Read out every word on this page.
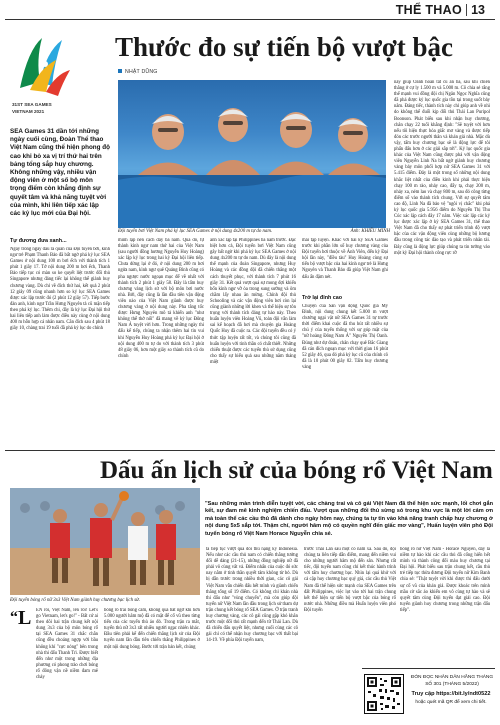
THỂ THAO 13
31ST SEA GAMES
VIETNAM 2021
Thước đo sự tiến bộ vượt bậc
NHẬT DŨNG
Đội tuyển bơi Việt Nam phá kỷ lục SEA Games ở nội dung 4x200 m tự do nam.	Ảnh: KHIẾU MINH
SEA Games 31 dần tới những ngày cuối cùng, Đoàn Thể thao Việt Nam cũng thể hiện phong độ cao khi bỏ xa vị trí thứ hai trên bảng tổng sắp huy chương. Không những vậy, nhiều vận động viên ở một số bộ môn trọng điểm còn khẳng định sự quyết tâm và khả năng tuyệt vời của mình, khi liên tiếp xác lập các kỷ lục mới của Đại hội.
Tự đương đưa xanh...
Ngay trong ngày đầu ra quân của Đội tuyển bơi, kình ngư trẻ Phạm Thanh Bảo đã bất ngờ phá kỷ lục SEA Games ở nội dung 100 m bơi ếch với thành tích 1 phút 1 giây 17. Tở nội dung 200 m bơi ếch, Thanh Bảo tiếp tục có màn so ke quyết liệt trước đối thủ Singapore nhưng đáng tiếc lại không thể giành huy chương vàng. Dù chỉ về đích thứ hai, kết quả 2 phút 12 giây 09 cũng nhanh hơn so kỷ lục SEA Games được xác lập trước đó (2 phút 12 giây 57). Tiếp bước đàn anh, kình ngư Trần Hưng Nguyên tả cũ mặn tiếp theo phá kỷ lục. Thêm chi, đây là kỷ lục Đại hội thứ hai liên tiếp anh làm được điều này cùng ở nội dung 400 m hỗn hợp cá nhân nam. Căn đích sau 4 phút 18 giây 10, chàng trai 19 tuổi đã phá kỷ lục do chính
mình lập nên cách đây ba năm. Qua đó, tự thành kình ngư nam thứ hai của Việt Nam (sau người đồng hương Nguyễn Huy Hoàng) xác lập kỷ lục trong hai kỳ Đại hội liên tiếp. Chưa dừng lại ở đó, ở nội dung 200 m bơi ngửa nam, kình ngư quê Quảng Bình cũng có pha ngược nước ngoạn mục để về nhất với thành tích 2 phút 1 giây 58. Đây là tấm huy chương vàng lịch sử với bộ môn bơi nước nhà. Bởi, đây cũng là lần đầu tiên vận động viên nào của Việt Nam giành được huy chương vàng ở nội dung này. Pha tăng tốc được Hưng Nguyên mô tả khiến anh "như không thể thở nổi" đã mang về kỷ lục Đông Nam Á tuyệt vời hơn. Trong những ngày thi đấu kế tiếp, chúng ta nhận thêm hai tin vui khi Nguyễn Huy Hoàng phá kỷ lục Đại hội ở nội dung 400 m tự do với thành tích 3 phút 48 giây 06, hơn một giây so thành tích cũ do chính
anh xác lập tại Philippines ba năm trước. Đặc biệt hơn cả, Đội tuyển bơi Việt Nam cũng gây bất ngờ khi phá kỷ lục SEA Games ở nội dung 4x200 m tự do nam. Dù đây là nội dung thế mạnh của đoàn Singapore, nhưng Huy Hoàng và các đồng đội đã chiến thắng một cách thuyết phục, với thành tích 7 phút 16 giây 31. Kết quả vượt quá sự mong đợi khiến bốn kình ngư vỡ òa trong sung sướng và ôm chầm lấy nhau ăn mừng. Chính đội thủ Schooling và các vận động viên bơi còn lại cũng giành những lời khen và thể hiện sự tôn trọng với thành tích đáng tự hào này. Theo huấn luyện viên Hoàng Vũ, toàn đội vẫn làm sai kế hoạch đã hơi mà chuyện gia Hoàng Quốc Huy đã cuộc ra. Các đội tuyển đều có ý thức tập luyện rất tốt, và chúng tôi cũng đã huấn luyện với tinh thần có chất thiết. Những chiến thuật được các tuyển thủ sử dụng cũng cho thấy sự hiểu quả sau những năm tháng miệt
mài tập luyện. Khác với hai kỳ SEA Games trước khi phần lớn số huy chương vàng của Đội tuyển bơi thuộc về Ánh Viên, đến kỳ Đại hội lần này, "điều tàu" Huy Hoàng cùng sự tiến bộ vượt bậc của hai kình ngư trẻ là Hưng Nguyên và Thanh Bảo đã giúp Việt Nam ghi dấu ấn đậm nét.
Trở lại đỉnh cao
Chuyện của Sân vận động Quốc gia Mỹ Đình, nội dung chung kết 5.000 m vượt chướng ngại vật nữ SEA Games 31 tự trước thời điểm khai cuộc đã thu hút rất nhiều sự chú ý của tuyển thống với sự góp mặt của "nữ hoàng Đông Nam Á" Nguyễn Thị Oanh. Đúng như dự đoán, chân chạy quê Bắc Giang đã cán đích ngoạn mục với thời gian 16 phút 52 giây 46, qua đó phá kỷ lục cũ của chính cô đã là 10 phút 00 giây 02. Tấm huy chương vàng
này giúp Oanh hoàn tất cú ăn ba, sau khi chiến thắng ở cự ly 1.500 m và 5.000 m. Cô chia sẻ rằng thế mạnh vui đồng đội chị Ngân Ngọc Nghĩa cũng đã phá được kỷ lục quốc gia tồn tại trong suốt bảy năm. Đáng tiếc, thành tích này chỉ giúp anh về nhì do không thể đuổi kịp đối thủ Thái Lan Puripol Boonson. Phát biểu sau khi nhận huy chương, chân chạy 22 tuổi khẳng định: "Sẽ tuyệt vời hơn nếu tôi hiện thực hóa giấc mơ vàng và được tiếp đón các trước người thân và khán giả nhà. Mặc dù vậy, tấm huy chương bạc sẽ là động lực để tôi phấn đấu hơn ở các giải sắp tới". Kỷ lục quốc gia khác của Việt Nam cũng được phá với vận động viên Nguyễn Linh Na bất ngờ giành huy chương vàng bảy môn phối hợp nữ SEA Games 31 với 5.415 điểm. Đây là một trong số những nội dung khắc liệt nhất của điền kinh khi phải thực hiện chạy 100 m rào, nhảy cao, đẩy tạ, chạy 200 m, nhảy xa, ném lao và chạy 800 m, sau đó công từng điểm số vào thành tích chung. Với sự quyết tâm cao độ, Linh Na đã bảo vệ "ngôi vị chắc" khi phá kỷ lục quốc gia 5.956 điểm do Nguyễn Thị Thu Cúc xác lập cách đây 17 năm. Việc xác lập các kỷ lục được xác lập ở kỳ SEA Games 31, thể thao Việt Nam đã cho thấy sự phát triển trình độ vượt bậc của các vận động viên cùng những bộ lương đầu trong công tác đào tạo và phát triển nhân tài. Đây cũng là động lực giúp chúng ta tin tưởng vào một kỳ Đại hội thành công rực rỡ
Dấu ấn lịch sử của bóng rổ Việt Nam
Đội tuyển bóng rổ nữ 3x3 Việt Nam giành huy chương bạc lịch sử.
"Sau những màn trình diễn tuyệt vời, các chàng trai và cô gái Việt Nam đã thể hiện sức mạnh, lối chơi gắn kết, sự đam mê kinh nghiệm chiến đấu. Vượt qua những đối thủ sừng sỏ trong khu vực là một lời cảm ơn mà toàn thể các cầu thủ đã dành cho ngày hôm nay, chúng ta tự tin vào khả năng tranh chấp huy chương ở nội dung 5x5 sắp tới. Thậm chí, người hâm mộ có quyền nghĩ đến giấc mơ vàng", Huấn luyện viên phó Đội tuyển bóng rổ Việt Nam Horace Nguyễn chia sẻ.
“L ÊN rồi, Việt Nam, lên rồi! Let's go Vietnam, let's go!" - Bất cứ ai theo dõi hai trận chung kết nội dung 3x3 của bộ môn bóng rổ tại SEA Games 31 chắc chắn cũng đều choáng ngợp với bầu không khí "cực nóng" bên trong nhà thi đấu Thanh Trì. Được biết đến như một trong những địa phương có phong trào chơi bóng rổ đông vận nề niềm đam mê cháy
bóng rổ trái bóng cam, không quá bất ngờ khi hơn 5.000 người hâm mộ đã có mặt để cổ vũ theo từng tiến của các tuyển thủ áo đỏ. Trong trận ra mắt, tuyển thủ nữ 3x3 rất nhiều người ngạc nhiên khác. Đầu tiên phải kể đến chiến thắng lịch sử của Đội tuyển nam lần đầu tiên chiến thắng Philippines ở một nội dung bóng. Bước tới trận bán kết, chúng
ta tiếp tục vượt qua đối thủ nặng ký Indonesia. Nếu như các cầu thủ nam có chiến thắng tưởng đối dễ dàng (21-15), những đồng nghiệp nữ đã phải vô cùng vất vả. Điểm nhấn của cuộc đó sức nay nằm ở tinh thần quyết tâm không từ bỏ. Dù bị dẫn trước trong nhiều thời gian, các cô gái Việt Nam vẫn chiến đấu hết mình và giành chiến thắng tổng số 19 điểm. Có không chỉ khán nhà thi đấu như "vùng chuyển", mà còn giúp đội tuyển nữ Việt Nam lần đầu trong lịch sử tham dự trận chung kết bóng rổ SEA Games. Ở trận tranh huy chương vàng, các cô gái cũng gặp khó khăn trước một đối thủ rất mạnh đến từ Thái Lan. Dù đã chiến đấu quyết liệt, nhưng cuối cùng các cô gái chỉ có thể nhận huy chương bạc với thất bại 14-19. Về phía Đội tuyển nam,
trước Thái Lan sau một có năm xa. Sau đó, đội chúng ta liên tiếp dẫn điểm, mang đến niềm vui cho những người hâm mộ đến sân. Nhưng rất tiếc, đội tuyển nam cũng chỉ kết thúc hành trình với tấm huy chương bạc. Nhìn lại quá khứ với cả cặp huy chương bạc quý giá, các cầu thủ Việt Nam đã thể hiện sức mạnh của SEA Games trên đất Philippines, việc lọt vào tới hai trận chung kết thể hiện sự tiến bộ vượt bậc của bóng rổ nước nhà. Những điều mà Huấn luyện viên phó Đội tuyển
bóng rổ nữ Việt Nam - Horace Nguyễn, đây là niềm tự hào khi các cầu thủ đã cống hiến hết mình và thành công đổi màu huy chương tại Đại hội. Phát biểu sau trận chung kết, cầu thủ trẻ tiếp tục thừa đương Đội tuyển nữ Kim Banh chia sẻ: "Thật tuyệt vời khi được thi đấu dưới sự cổ vũ của khán giả. Được khoác trên mình mầu cờ sắc áo khiến em vô cùng tự hào và sẽ quyết tâm cùng Đội tuyển đạt giải cao. Đội tuyển giành huy chương trong những trận đấu tiếp".
ĐÓN ĐỌC NHÂN DÂN HẰNG THÁNG
SỐ 301 (THÁNG 5/2022)
Truy cập https://bit.ly/ndt0522
hoặc quét mã QR để xem chi tiết.
